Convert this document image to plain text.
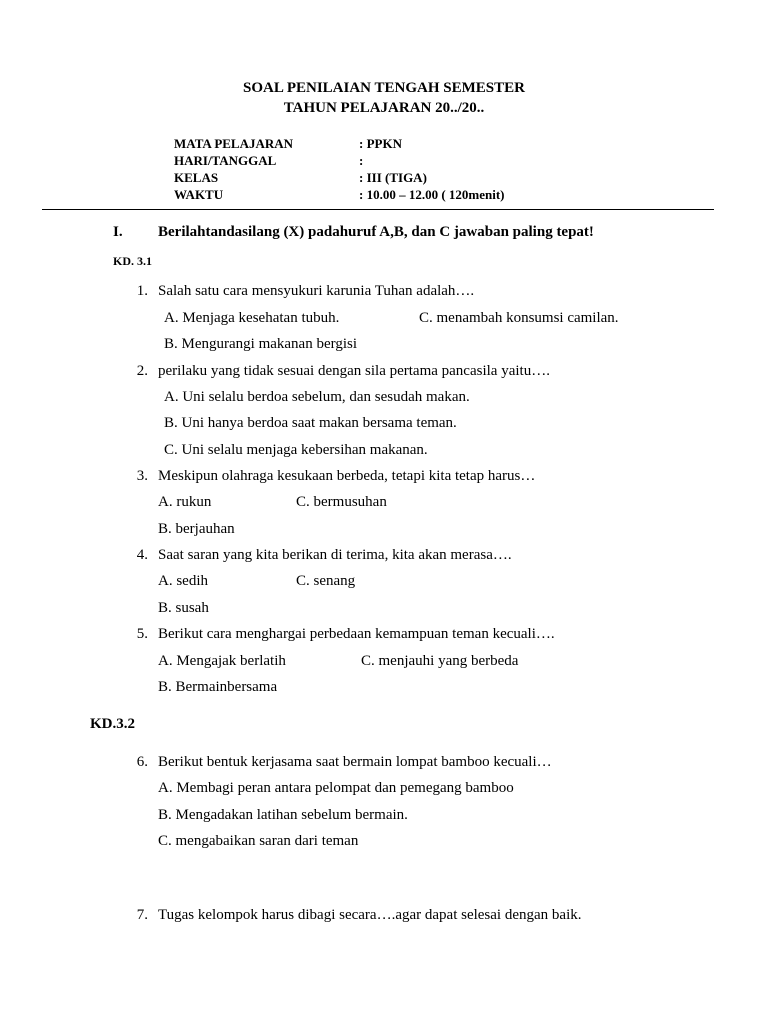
SOAL PENILAIAN TENGAH SEMESTER
TAHUN PELAJARAN 20../20..
MATA PELAJARAN	: PPKN
HARI/TANGGAL	:
KELAS	: III (TIGA)
WAKTU	: 10.00 – 12.00 ( 120menit)
I. Berilahtandasilang (X) padahuruf A,B, dan C jawaban paling tepat!
KD. 3.1
1. Salah satu cara mensyukuri karunia Tuhan adalah….
A. Menjaga kesehatan tubuh.	C. menambah konsumsi camilan.
B. Mengurangi makanan bergisi
2. perilaku yang tidak sesuai dengan sila pertama pancasila yaitu….
A. Uni selalu berdoa sebelum, dan sesudah makan.
B. Uni hanya berdoa saat makan bersama teman.
C. Uni selalu menjaga kebersihan makanan.
3. Meskipun olahraga kesukaan berbeda, tetapi kita tetap harus…
A. rukun	C. bermusuhan
B. berjauhan
4. Saat saran yang kita berikan di terima, kita akan merasa….
A. sedih	C. senang
B. susah
5. Berikut cara menghargai perbedaan kemampuan teman kecuali….
A. Mengajak berlatih	C. menjauhi yang berbeda
B. Bermainbersama
KD.3.2
6. Berikut bentuk kerjasama saat bermain lompat bamboo kecuali…
A. Membagi peran antara pelompat dan pemegang bamboo
B. Mengadakan latihan sebelum bermain.
C. mengabaikan saran dari teman
7. Tugas kelompok harus dibagi secara….agar dapat selesai dengan baik.
